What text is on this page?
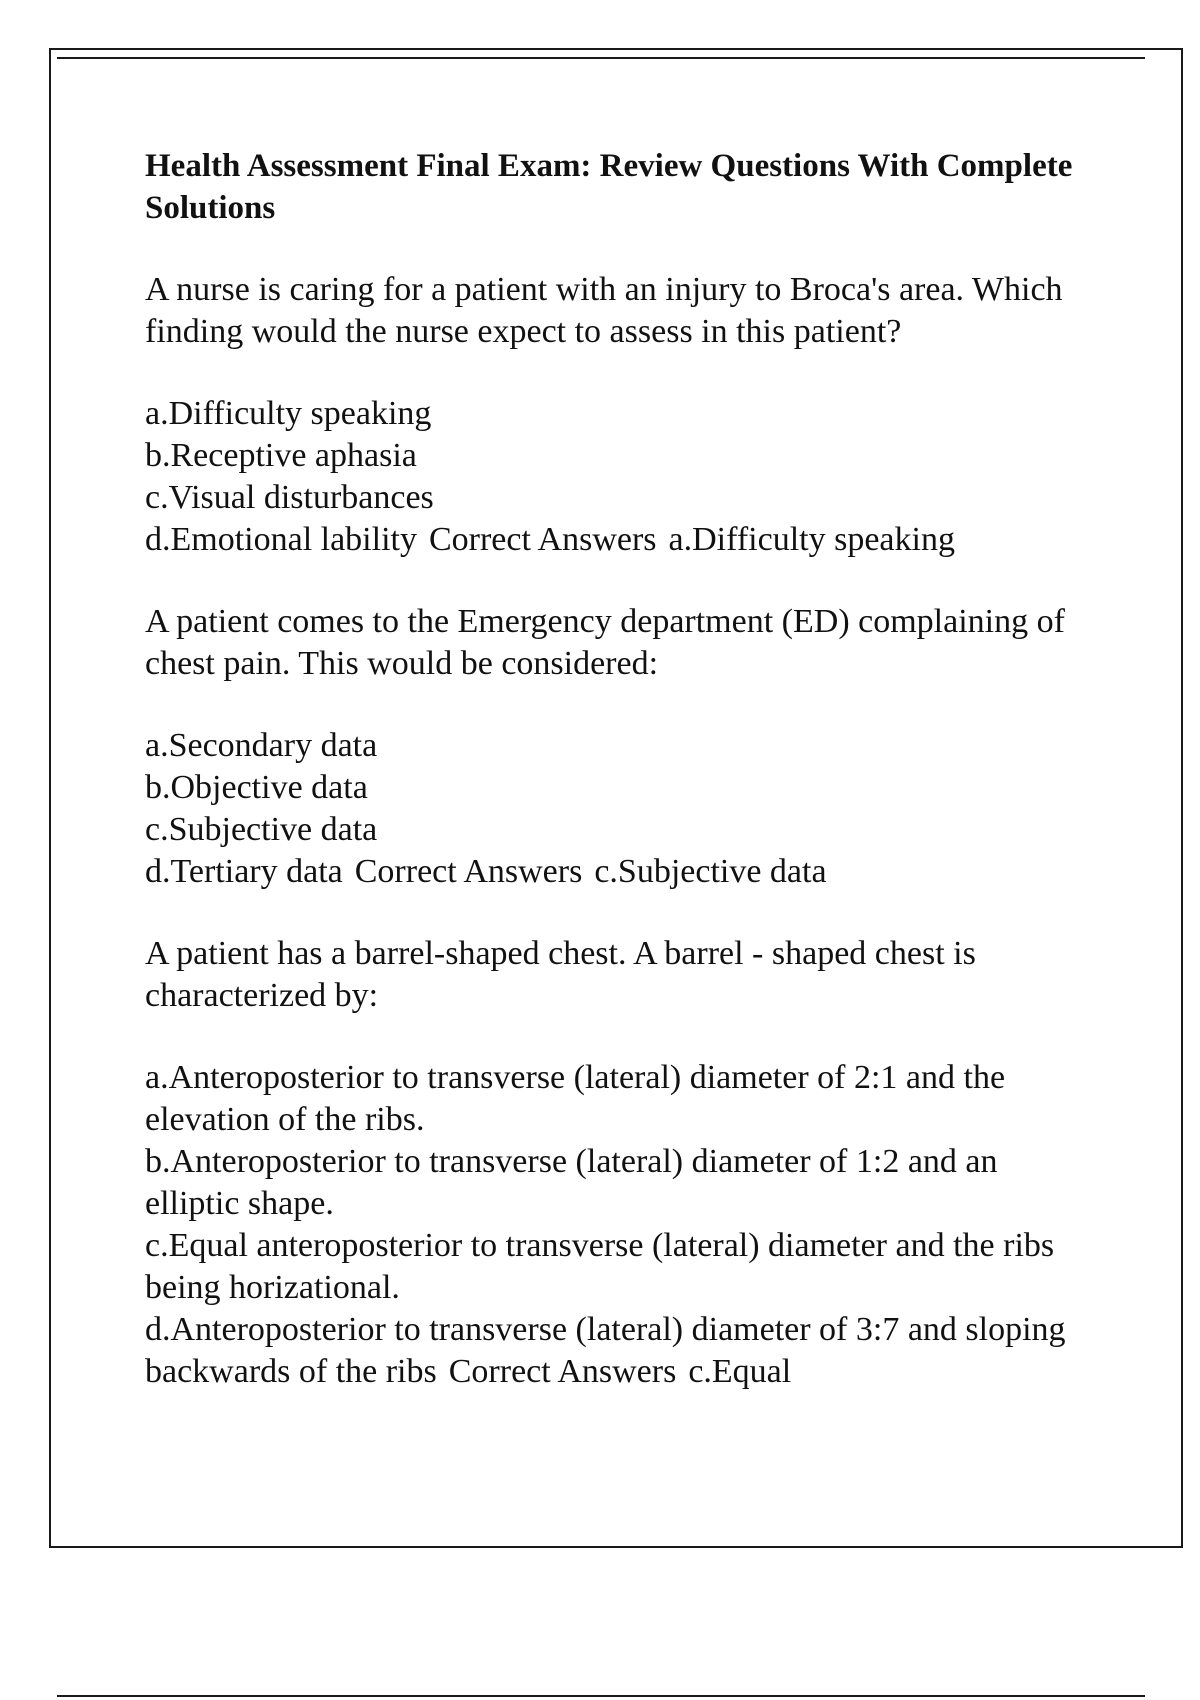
Health Assessment Final Exam: Review Questions With Complete Solutions
A nurse is caring for a patient with an injury to Broca's area. Which finding would the nurse expect to assess in this patient?
a.Difficulty speaking
b.Receptive aphasia
c.Visual disturbances
d.Emotional lability Correct Answers a.Difficulty speaking
A patient comes to the Emergency department (ED) complaining of chest pain. This would be considered:
a.Secondary data
b.Objective data
c.Subjective data
d.Tertiary data Correct Answers c.Subjective data
A patient has a barrel-shaped chest. A barrel - shaped chest is characterized by:
a.Anteroposterior to transverse (lateral) diameter of 2:1 and the elevation of the ribs.
b.Anteroposterior to transverse (lateral) diameter of 1:2 and an elliptic shape.
c.Equal anteroposterior to transverse (lateral) diameter and the ribs being horizational.
d.Anteroposterior to transverse (lateral) diameter of 3:7 and sloping backwards of the ribs Correct Answers c.Equal
